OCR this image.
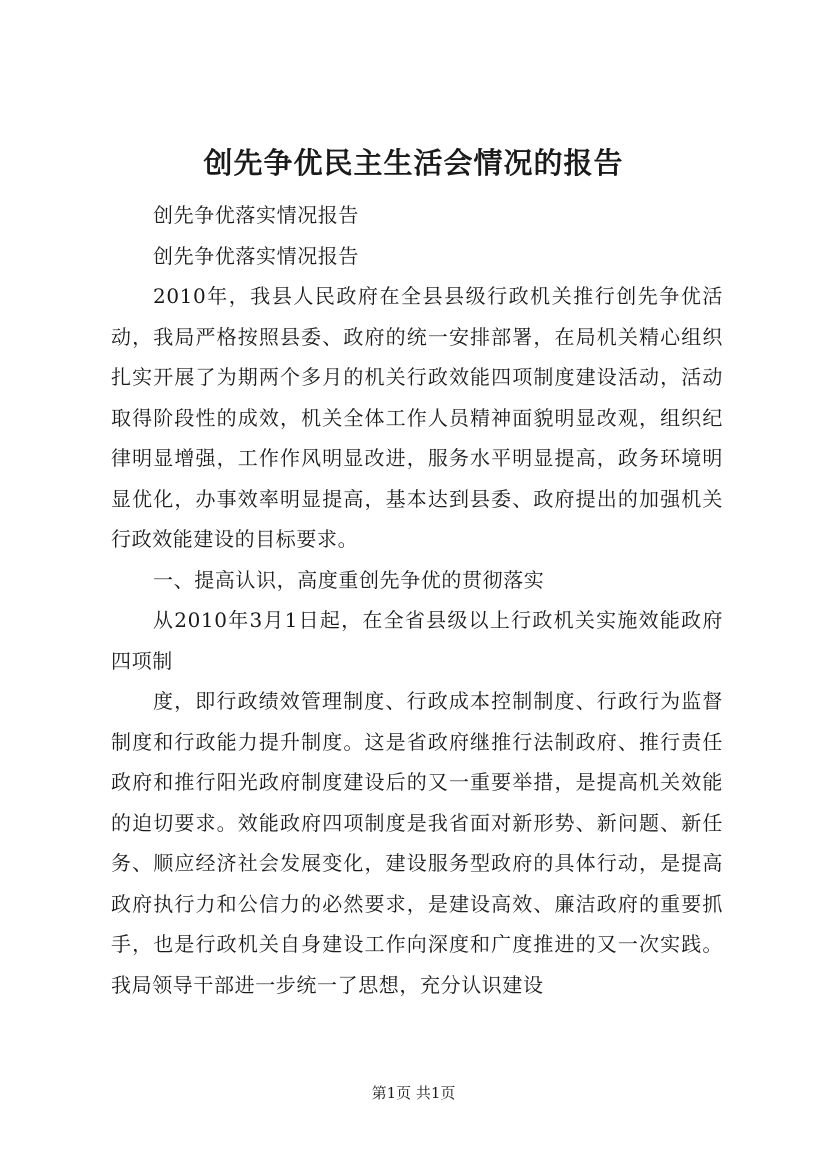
创先争优民主生活会情况的报告

创先争优落实情况报告

创先争优落实情况报告

2010年，我县人民政府在全县县级行政机关推行创先争优活动，我局严格按照县委、政府的统一安排部署，在局机关精心组织扎实开展了为期两个多月的机关行政效能四项制度建设活动，活动取得阶段性的成效，机关全体工作人员精神面貌明显改观，组织纪律明显增强，工作作风明显改进，服务水平明显提高，政务环境明显优化，办事效率明显提高，基本达到县委、政府提出的加强机关行政效能建设的目标要求。

一、提高认识，高度重创先争优的贯彻落实

从2010年3月1日起，在全省县级以上行政机关实施效能政府四项制

度，即行政绩效管理制度、行政成本控制制度、行政行为监督制度和行政能力提升制度。这是省政府继推行法制政府、推行责任政府和推行阳光政府制度建设后的又一重要举措，是提高机关效能的迫切要求。效能政府四项制度是我省面对新形势、新问题、新任务、顺应经济社会发展变化，建设服务型政府的具体行动，是提高政府执行力和公信力的必然要求，是建设高效、廉洁政府的重要抓手，也是行政机关自身建设工作向深度和广度推进的又一次实践。我局领导干部进一步统一了思想，充分认识建设

第1页 共1页
